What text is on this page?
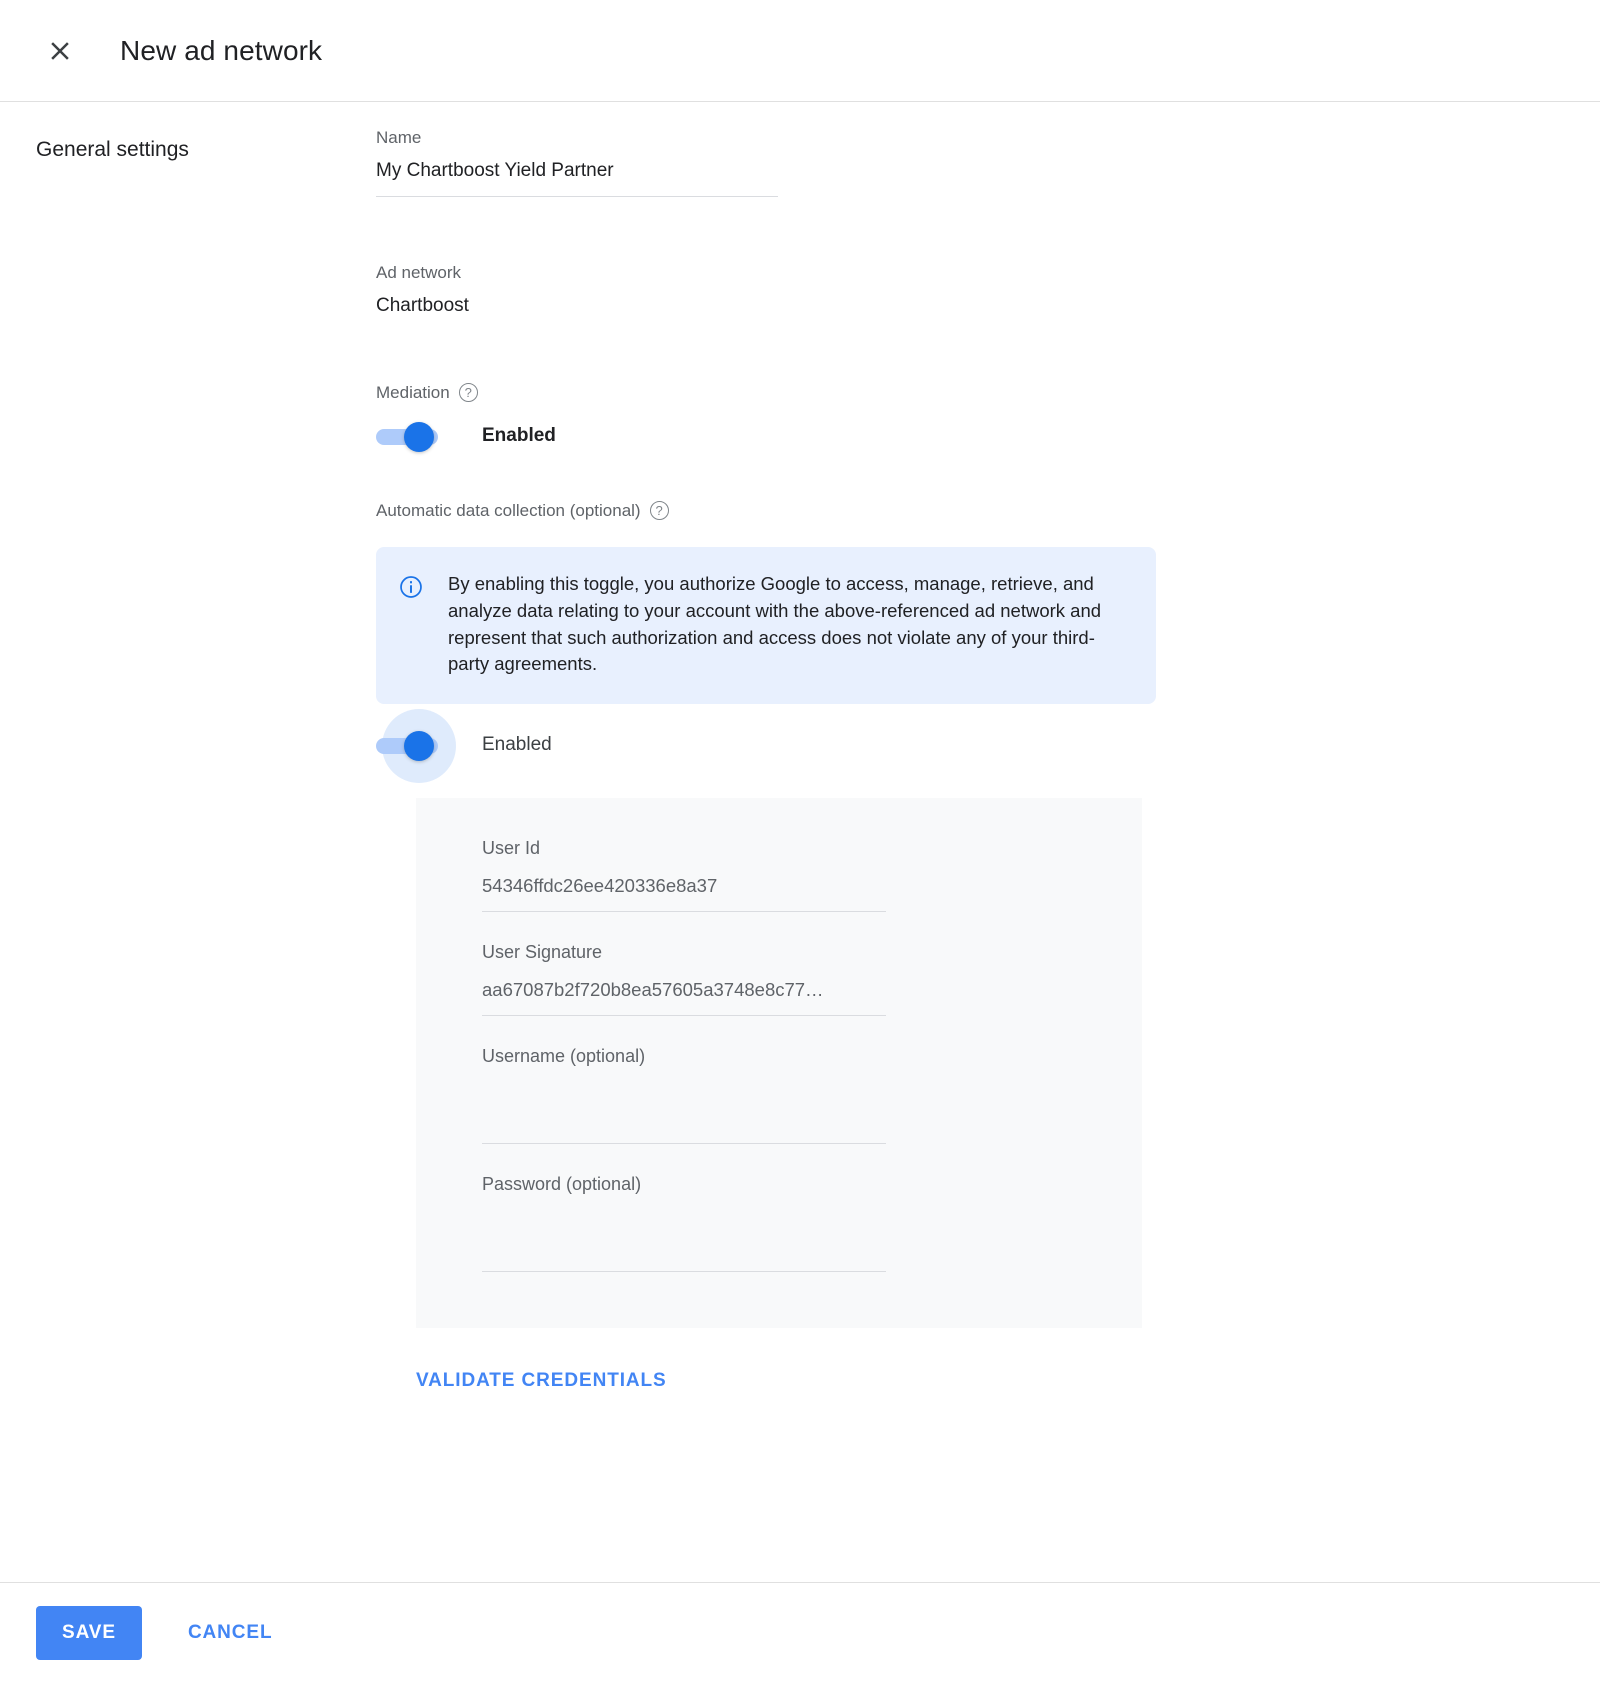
New ad network
General settings
Name
My Chartboost Yield Partner
Ad network
Chartboost
Mediation	?
Enabled
Automatic data collection (optional)	?
By enabling this toggle, you authorize Google to access, manage, retrieve, and analyze data relating to your account with the above-referenced ad network and represent that such authorization and access does not violate any of your third-party agreements.
Enabled
User Id
54346ffdc26ee420336e8a37
User Signature
aa67087b2f720b8ea57605a3748e8c77…
Username (optional)
Password (optional)
VALIDATE CREDENTIALS
SAVE	CANCEL
